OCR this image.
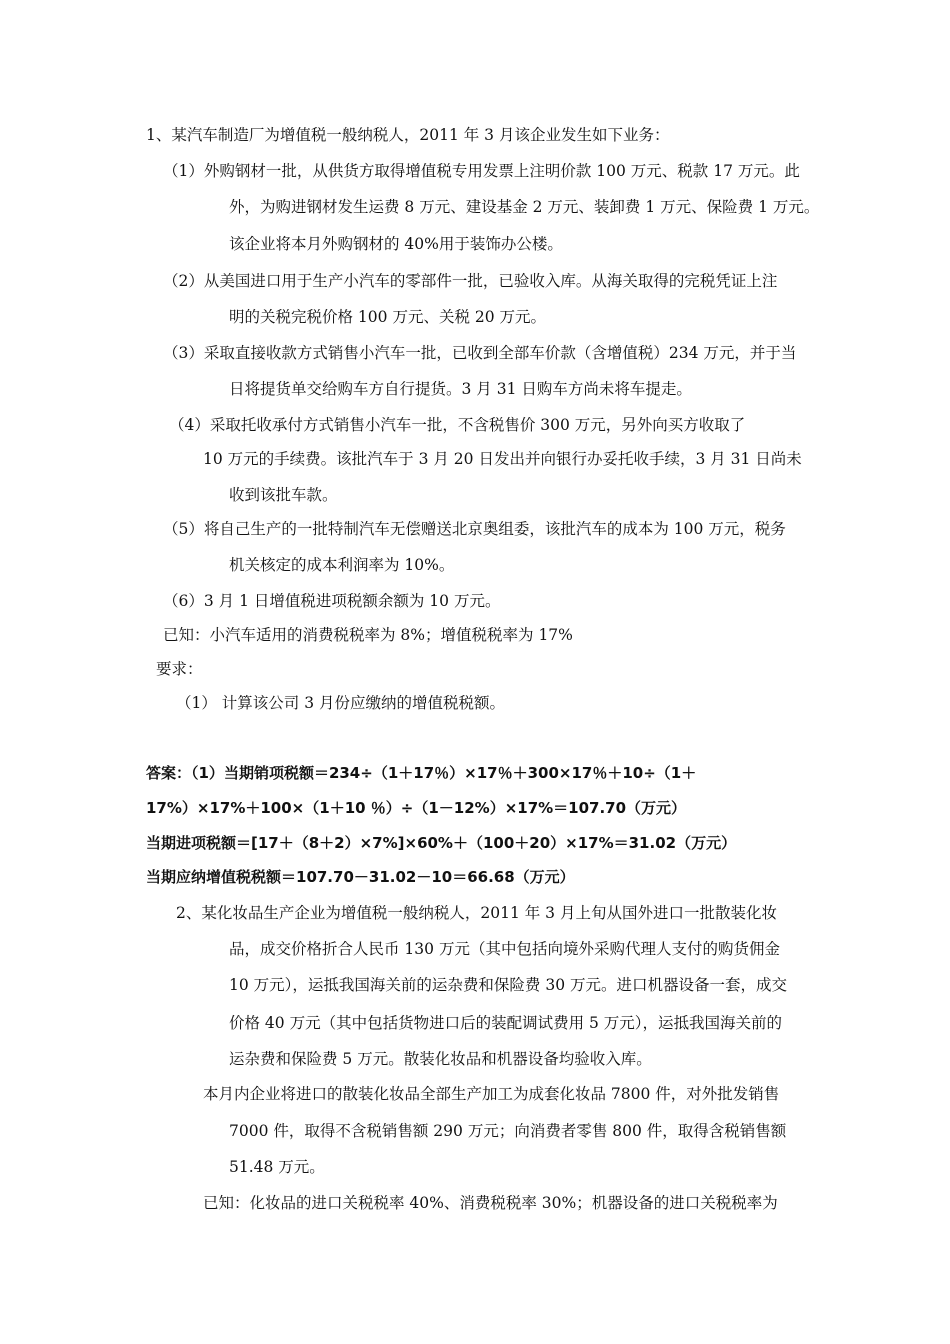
1、某汽车制造厂为增值税一般纳税人，2011 年 3 月该企业发生如下业务：
（1）外购钢材一批，从供货方取得增值税专用发票上注明价款 100 万元、税款 17 万元。此
外，为购进钢材发生运费 8 万元、建设基金 2 万元、装卸费 1 万元、保险费 1 万元。
该企业将本月外购钢材的 40%用于装饰办公楼。
（2）从美国进口用于生产小汽车的零部件一批，已验收入库。从海关取得的完税凭证上注
明的关税完税价格 100 万元、关税 20 万元。
（3）采取直接收款方式销售小汽车一批，已收到全部车价款（含增值税）234 万元，并于当
日将提货单交给购车方自行提货。3 月 31 日购车方尚未将车提走。
（4）采取托收承付方式销售小汽车一批，不含税售价 300 万元，另外向买方收取了
10 万元的手续费。该批汽车于 3 月 20 日发出并向银行办妥托收手续，3 月 31 日尚未
收到该批车款。
（5）将自己生产的一批特制汽车无偿赠送北京奥组委，该批汽车的成本为 100 万元，税务
机关核定的成本利润率为 10%。
（6）3 月 1 日增值税进项税额余额为 10 万元。
已知：小汽车适用的消费税税率为 8%；增值税税率为 17%
要求：
（1） 计算该公司 3 月份应缴纳的增值税税额。
答案：（1）当期销项税额＝234÷（1＋17％）×17％＋300×17％＋10÷（1＋
17%）×17%＋100×（1＋10 ％）÷（1－12%）×17%＝107.70（万元）
当期进项税额＝[17＋（8＋2）×7%]×60%＋（100＋20）×17%＝31.02（万元）
当期应纳增值税税额＝107.70－31.02－10＝66.68（万元）
2、某化妆品生产企业为增值税一般纳税人，2011 年 3 月上旬从国外进口一批散装化妆
品，成交价格折合人民币 130 万元（其中包括向境外采购代理人支付的购货佣金
10 万元），运抵我国海关前的运杂费和保险费 30 万元。进口机器设备一套，成交
价格 40 万元（其中包括货物进口后的装配调试费用 5 万元），运抵我国海关前的
运杂费和保险费 5 万元。散装化妆品和机器设备均验收入库。
本月内企业将进口的散装化妆品全部生产加工为成套化妆品 7800 件，对外批发销售
7000 件，取得不含税销售额 290 万元；向消费者零售 800 件，取得含税销售额
51.48 万元。
已知：化妆品的进口关税税率 40%、消费税税率 30%；机器设备的进口关税税率为
